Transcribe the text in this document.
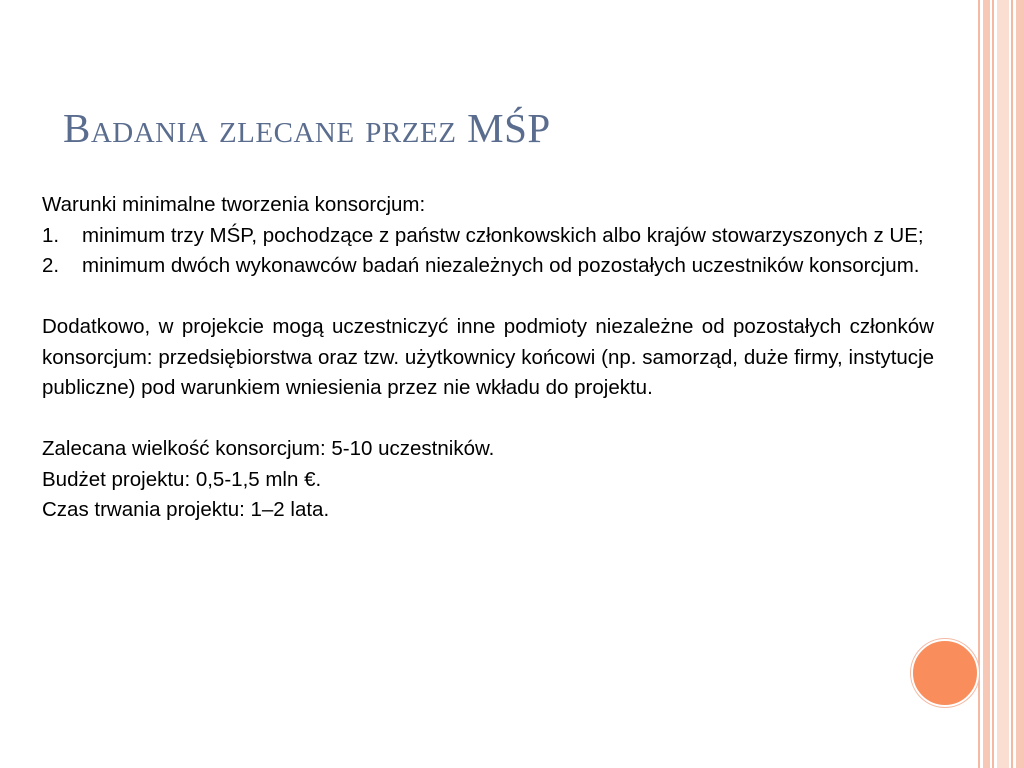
Badania zlecane przez MŚP

Warunki minimalne tworzenia konsorcjum:

1. minimum trzy MŚP, pochodzące z państw członkowskich albo krajów stowarzyszonych z UE;
2. minimum dwóch wykonawców badań niezależnych od pozostałych uczestników konsorcjum.

Dodatkowo, w projekcie mogą uczestniczyć inne podmioty niezależne od pozostałych członków konsorcjum: przedsiębiorstwa oraz tzw. użytkownicy końcowi (np. samorząd, duże firmy, instytucje publiczne) pod warunkiem wniesienia przez nie wkładu do projektu.

Zalecana wielkość konsorcjum: 5-10 uczestników.

Budżet projektu: 0,5-1,5 mln €.

Czas trwania projektu: 1–2 lata.
